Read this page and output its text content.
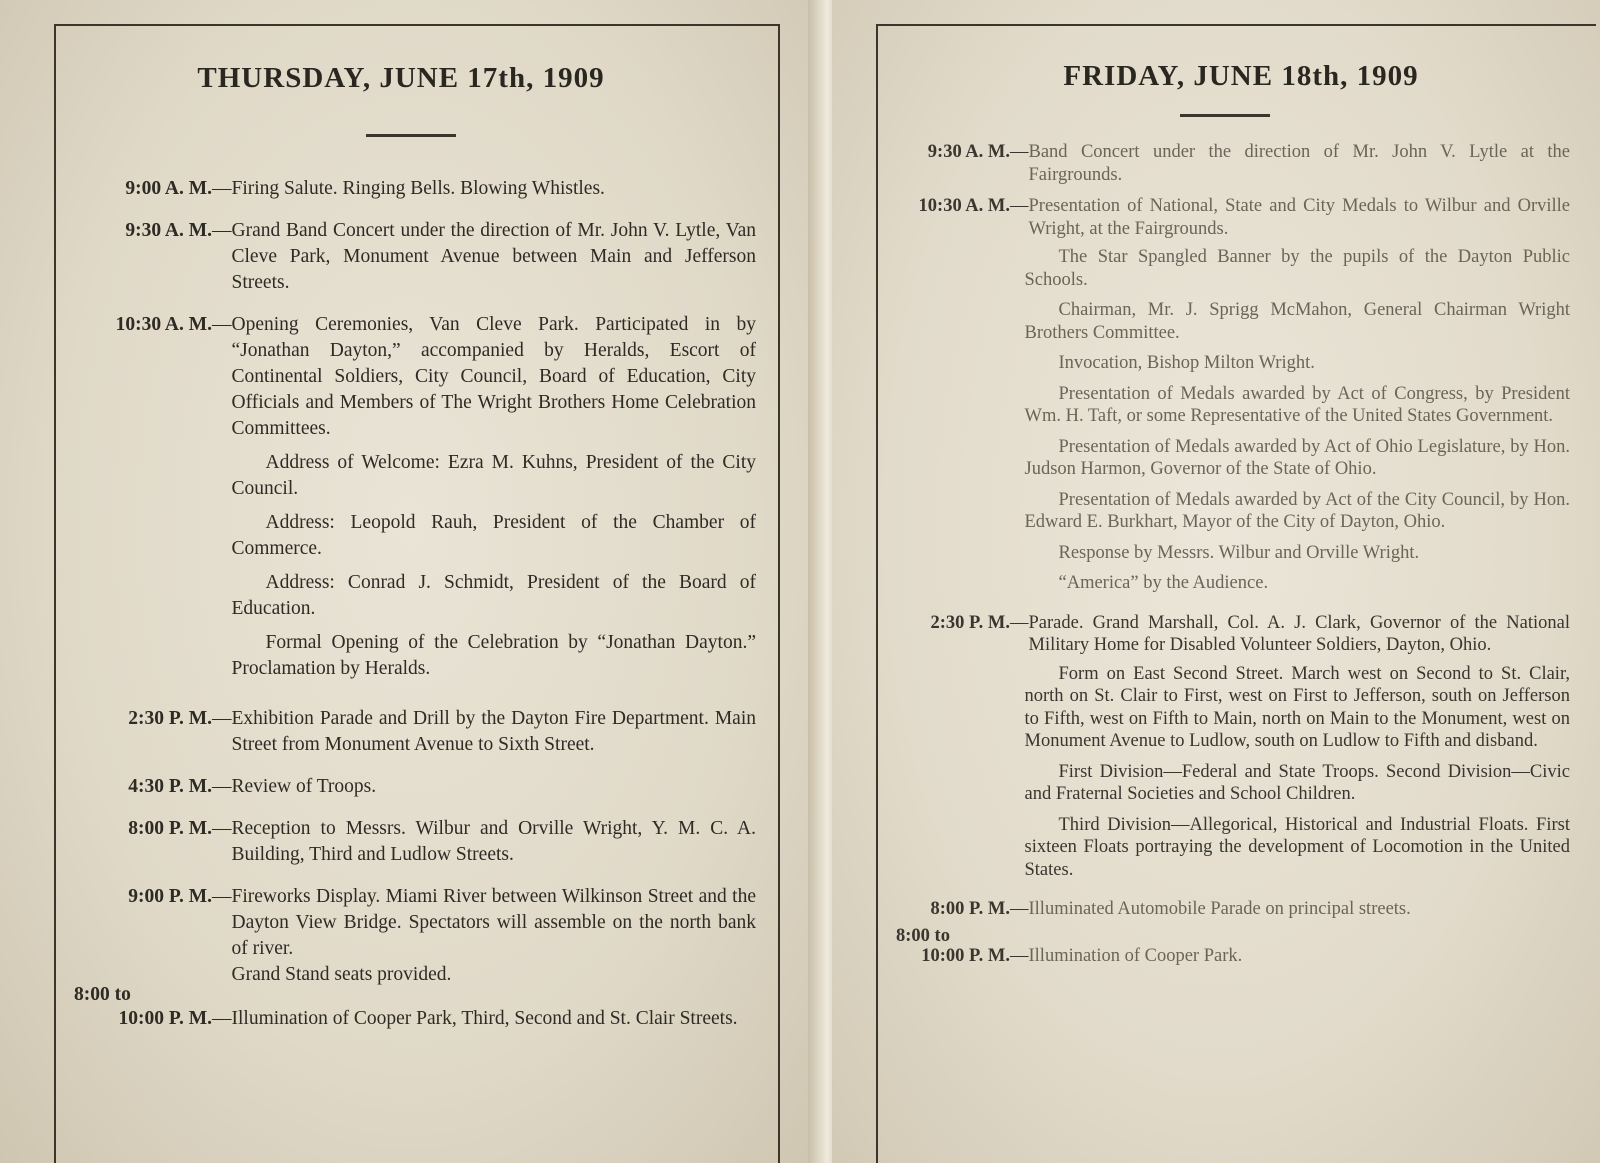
THURSDAY, JUNE 17th, 1909
9:00 A. M. — Firing Salute. Ringing Bells. Blowing Whistles.
9:30 A. M. — Grand Band Concert under the direction of Mr. John V. Lytle, Van Cleve Park, Monument Avenue between Main and Jefferson Streets.
10:30 A. M. — Opening Ceremonies, Van Cleve Park. Participated in by “Jonathan Dayton,” accompanied by Heralds, Escort of Continental Soldiers, City Council, Board of Education, City Officials and Members of The Wright Brothers Home Celebration Committees.

Address of Welcome: Ezra M. Kuhns, President of the City Council.

Address: Leopold Rauh, President of the Chamber of Commerce.

Address: Conrad J. Schmidt, President of the Board of Education.

Formal Opening of the Celebration by “Jonathan Dayton.” Proclamation by Heralds.

2:30 P. M. — Exhibition Parade and Drill by the Dayton Fire Department. Main Street from Monument Avenue to Sixth Street.
4:30 P. M. — Review of Troops.
8:00 P. M. — Reception to Messrs. Wilbur and Orville Wright, Y. M. C. A. Building, Third and Ludlow Streets.
9:00 P. M. — Fireworks Display. Miami River between Wilkinson Street and the Dayton View Bridge. Spectators will assemble on the north bank of river.
Grand Stand seats provided.
8:00 to
10:00 P. M. — Illumination of Cooper Park, Third, Second and St. Clair Streets.
FRIDAY, JUNE 18th, 1909
9:30 A. M. — Band Concert under the direction of Mr. John V. Lytle at the Fairgrounds.
10:30 A. M. — Presentation of National, State and City Medals to Wilbur and Orville Wright, at the Fairgrounds.

The Star Spangled Banner by the pupils of the Dayton Public Schools.

Chairman, Mr. J. Sprigg McMahon, General Chairman Wright Brothers Committee.

Invocation, Bishop Milton Wright.

Presentation of Medals awarded by Act of Congress, by President Wm. H. Taft, or some Representative of the United States Government.

Presentation of Medals awarded by Act of Ohio Legislature, by Hon. Judson Harmon, Governor of the State of Ohio.

Presentation of Medals awarded by Act of the City Council, by Hon. Edward E. Burkhart, Mayor of the City of Dayton, Ohio.

Response by Messrs. Wilbur and Orville Wright.

“America” by the Audience.

2:30 P. M. — Parade. Grand Marshall, Col. A. J. Clark, Governor of the National Military Home for Disabled Volunteer Soldiers, Dayton, Ohio.

Form on East Second Street. March west on Second to St. Clair, north on St. Clair to First, west on First to Jefferson, south on Jefferson to Fifth, west on Fifth to Main, north on Main to the Monument, west on Monument Avenue to Ludlow, south on Ludlow to Fifth and disband.

First Division—Federal and State Troops. Second Division—Civic and Fraternal Societies and School Children.

Third Division—Allegorical, Historical and Industrial Floats. First sixteen Floats portraying the development of Locomotion in the United States.

8:00 P. M. — Illuminated Automobile Parade on principal streets.
8:00 to
10:00 P. M. — Illumination of Cooper Park.
